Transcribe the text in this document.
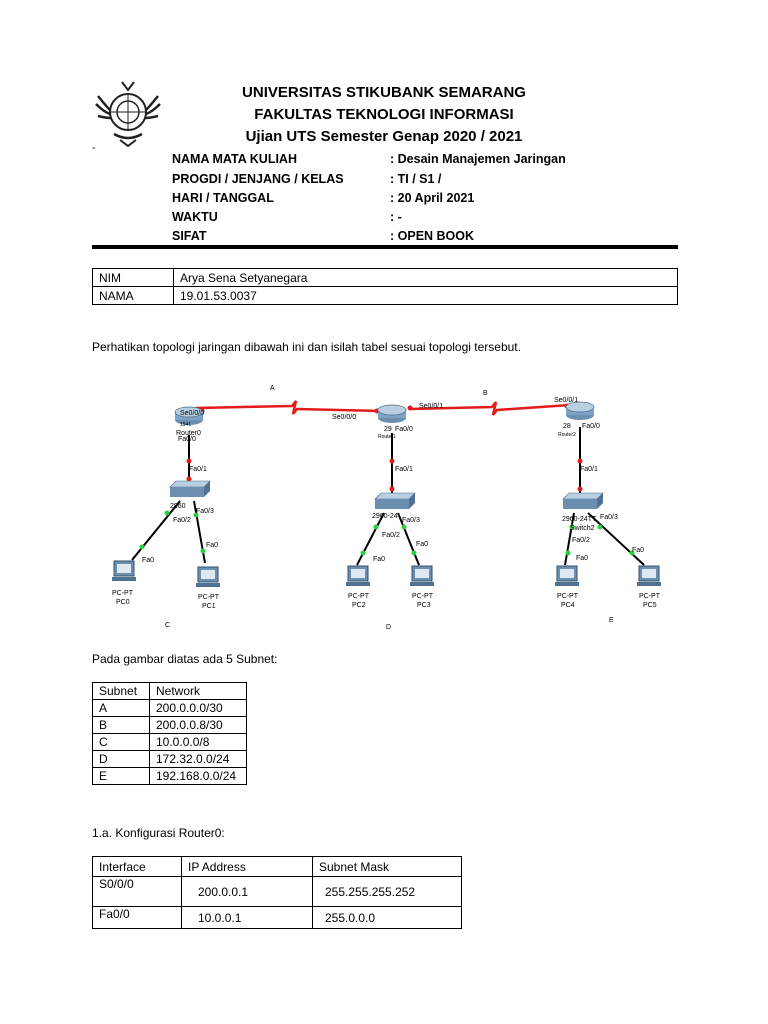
UNIVERSITAS STIKUBANK SEMARANG
FAKULTAS TEKNOLOGI INFORMASI
Ujian UTS Semester Genap 2020 / 2021
-
NAMA MATA KULIAH	: Desain Manajemen Jaringan
PROGDI / JENJANG / KELAS	: TI / S1 /
HARI / TANGGAL	: 20 April 2021
WAKTU	: -
SIFAT	: OPEN BOOK
NIM	Arya Sena Setyanegara
NAMA	19.01.53.0037
Perhatikan topologi jaringan dibawah ini dan isilah tabel sesuai topologi tersebut.
A
B
C	D
E
Se0/0/0
1941
Router0
Fa0/0
Se0/0/0
Se0/0/1
29 Fa0/0
Router1
Se0/0/1
28 Fa0/0
Router2
Fa0/1	Fa0/1	Fa0/1
2960
Fa0/2
Fa0/3
2960-24
Fa0/2
Fa0/3	2960-24TT
Switch2
Fa0/2
Fa0/3
Fa0
Fa0
Fa0
Fa0
Fa0
Fa0
PC-PT
PC0
PC-PT
PC1
PC-PT
PC2
PC-PT
PC3
PC-PT
PC4
PC-PT
PC5
Pada gambar diatas ada 5 Subnet:
Subnet	Network
A	200.0.0.0/30
B	200.0.0.8/30
C	10.0.0.0/8
D	172.32.0.0/24
E	192.168.0.0/24
1.a. Konfigurasi Router0:
Interface	IP Address	Subnet Mask
S0/0/0	200.0.0.1	255.255.255.252
Fa0/0	10.0.0.1	255.0.0.0
